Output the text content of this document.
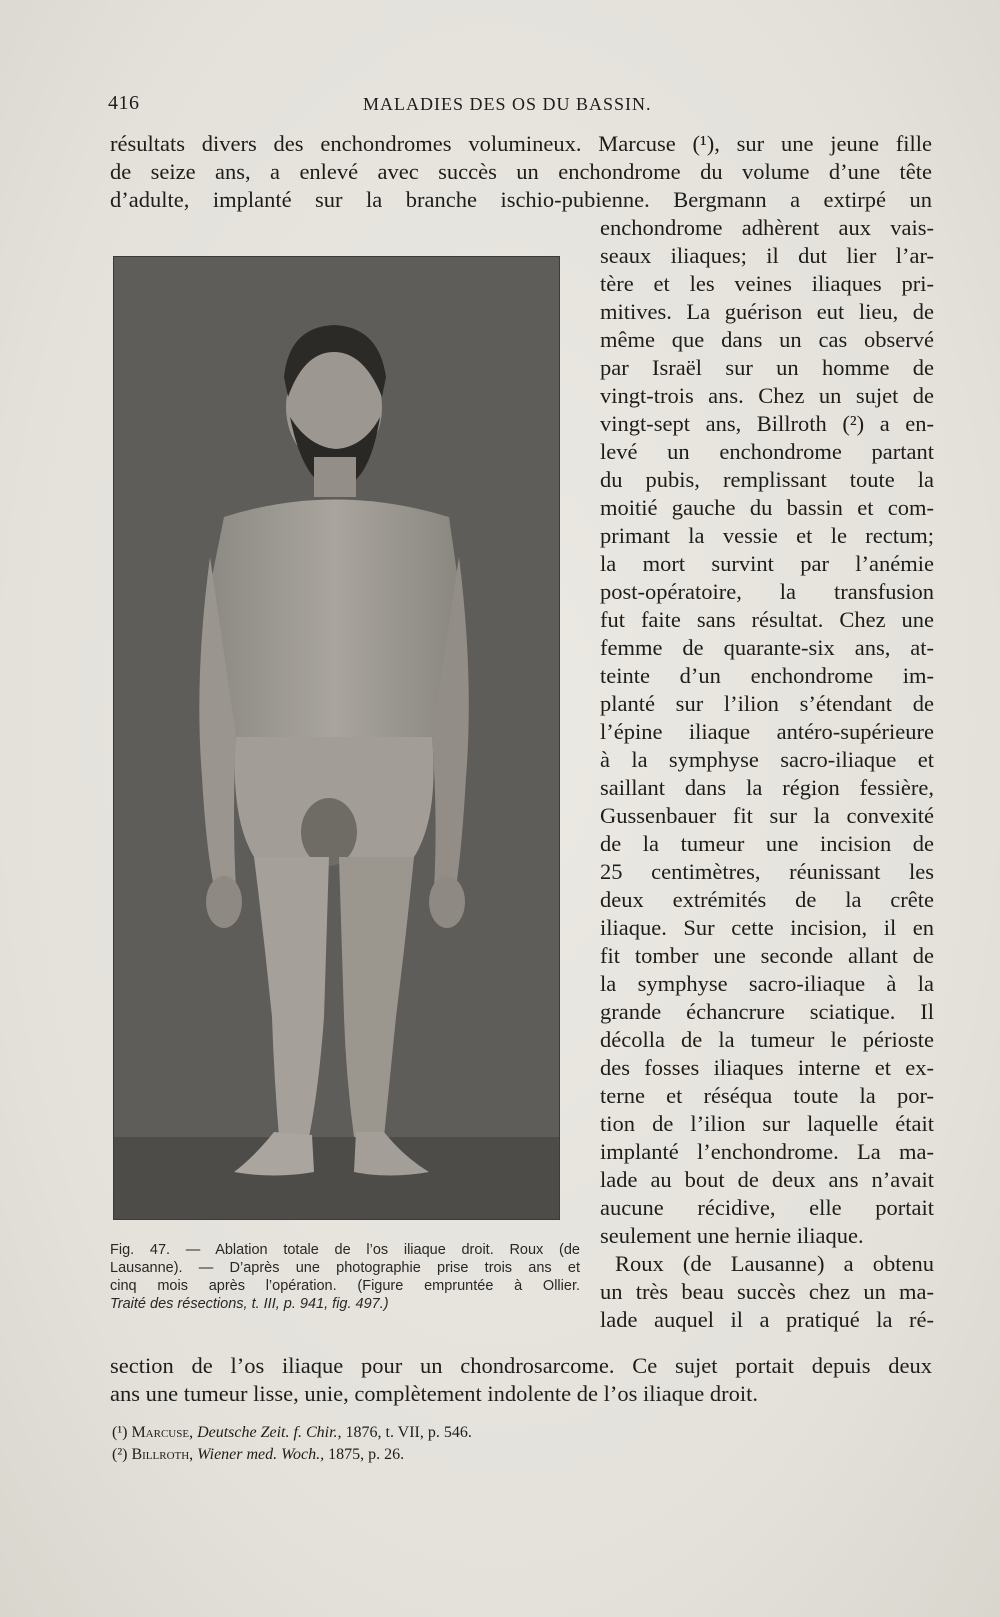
416	MALADIES DES OS DU BASSIN.
résultats divers des enchondromes volumineux. Marcuse (¹), sur une jeune fille
de seize ans, a enlevé avec succès un enchondrome du volume d’une tête
d’adulte, implanté sur la branche ischio-pubienne. Bergmann a extirpé un
enchondrome adhèrent aux vais-
seaux iliaques; il dut lier l’ar-
tère et les veines iliaques pri-
mitives. La guérison eut lieu, de
même que dans un cas observé
par Israël sur un homme de
vingt-trois ans. Chez un sujet de
vingt-sept ans, Billroth (²) a en-
levé un enchondrome partant
du pubis, remplissant toute la
moitié gauche du bassin et com-
primant la vessie et le rectum;
la mort survint par l’anémie
post-opératoire, la transfusion
fut faite sans résultat. Chez une
femme de quarante-six ans, at-
teinte d’un enchondrome im-
planté sur l’ilion s’étendant de
l’épine iliaque antéro-supérieure
à la symphyse sacro-iliaque et
saillant dans la région fessière,
Gussenbauer fit sur la convexité
de la tumeur une incision de
25 centimètres, réunissant les
deux extrémités de la crête
iliaque. Sur cette incision, il en
fit tomber une seconde allant de
la symphyse sacro-iliaque à la
grande échancrure sciatique. Il
décolla de la tumeur le périoste
des fosses iliaques interne et ex-
terne et réséqua toute la por-
tion de l’ilion sur laquelle était
implanté l’enchondrome. La ma-
lade au bout de deux ans n’avait
aucune récidive, elle portait
seulement une hernie iliaque.
Roux (de Lausanne) a obtenu
un très beau succès chez un ma-
lade auquel il a pratiqué la ré-
Fig. 47. — Ablation totale de l’os iliaque droit. Roux (de
Lausanne). — D’après une photographie prise trois ans et
cinq mois après l’opération. (Figure empruntée à Ollier.
Traité des résections, t. III, p. 941, fig. 497.)
section de l’os iliaque pour un chondrosarcome. Ce sujet portait depuis deux
ans une tumeur lisse, unie, complètement indolente de l’os iliaque droit.
(¹) Marcuse, Deutsche Zeit. f. Chir., 1876, t. VII, p. 546.
(²) Billroth, Wiener med. Woch., 1875, p. 26.
